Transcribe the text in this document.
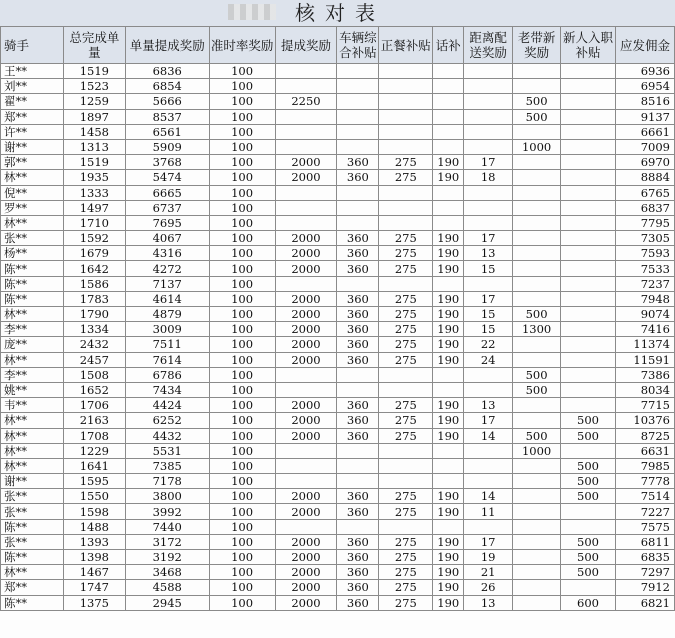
核对表
骑手	总完成单量	单量提成奖励	准时率奖励	提成奖励	车辆综合补贴	正餐补贴	话补	距离配送奖励	老带新奖励	新人入职补贴	应发佣金
王**	1519	6836	100								6936
刘**	1523	6854	100								6954
翟**	1259	5666	100	2250					500		8516
郑**	1897	8537	100						500		9137
许**	1458	6561	100								6661
谢**	1313	5909	100						1000		7009
郭**	1519	3768	100	2000	360	275	190	17			6970
林**	1935	5474	100	2000	360	275	190	18			8884
倪**	1333	6665	100								6765
罗**	1497	6737	100								6837
林**	1710	7695	100								7795
张**	1592	4067	100	2000	360	275	190	17			7305
杨**	1679	4316	100	2000	360	275	190	13			7593
陈**	1642	4272	100	2000	360	275	190	15			7533
陈**	1586	7137	100								7237
陈**	1783	4614	100	2000	360	275	190	17			7948
林**	1790	4879	100	2000	360	275	190	15	500		9074
李**	1334	3009	100	2000	360	275	190	15	1300		7416
庞**	2432	7511	100	2000	360	275	190	22			11374
林**	2457	7614	100	2000	360	275	190	24			11591
李**	1508	6786	100						500		7386
姚**	1652	7434	100						500		8034
韦**	1706	4424	100	2000	360	275	190	13			7715
林**	2163	6252	100	2000	360	275	190	17		500	10376
林**	1708	4432	100	2000	360	275	190	14	500	500	8725
林**	1229	5531	100						1000		6631
林**	1641	7385	100							500	7985
谢**	1595	7178	100							500	7778
张**	1550	3800	100	2000	360	275	190	14		500	7514
张**	1598	3992	100	2000	360	275	190	11			7227
陈**	1488	7440	100								7575
张**	1393	3172	100	2000	360	275	190	17		500	6811
陈**	1398	3192	100	2000	360	275	190	19		500	6835
林**	1467	3468	100	2000	360	275	190	21		500	7297
郑**	1747	4588	100	2000	360	275	190	26			7912
陈**	1375	2945	100	2000	360	275	190	13		600	6821
